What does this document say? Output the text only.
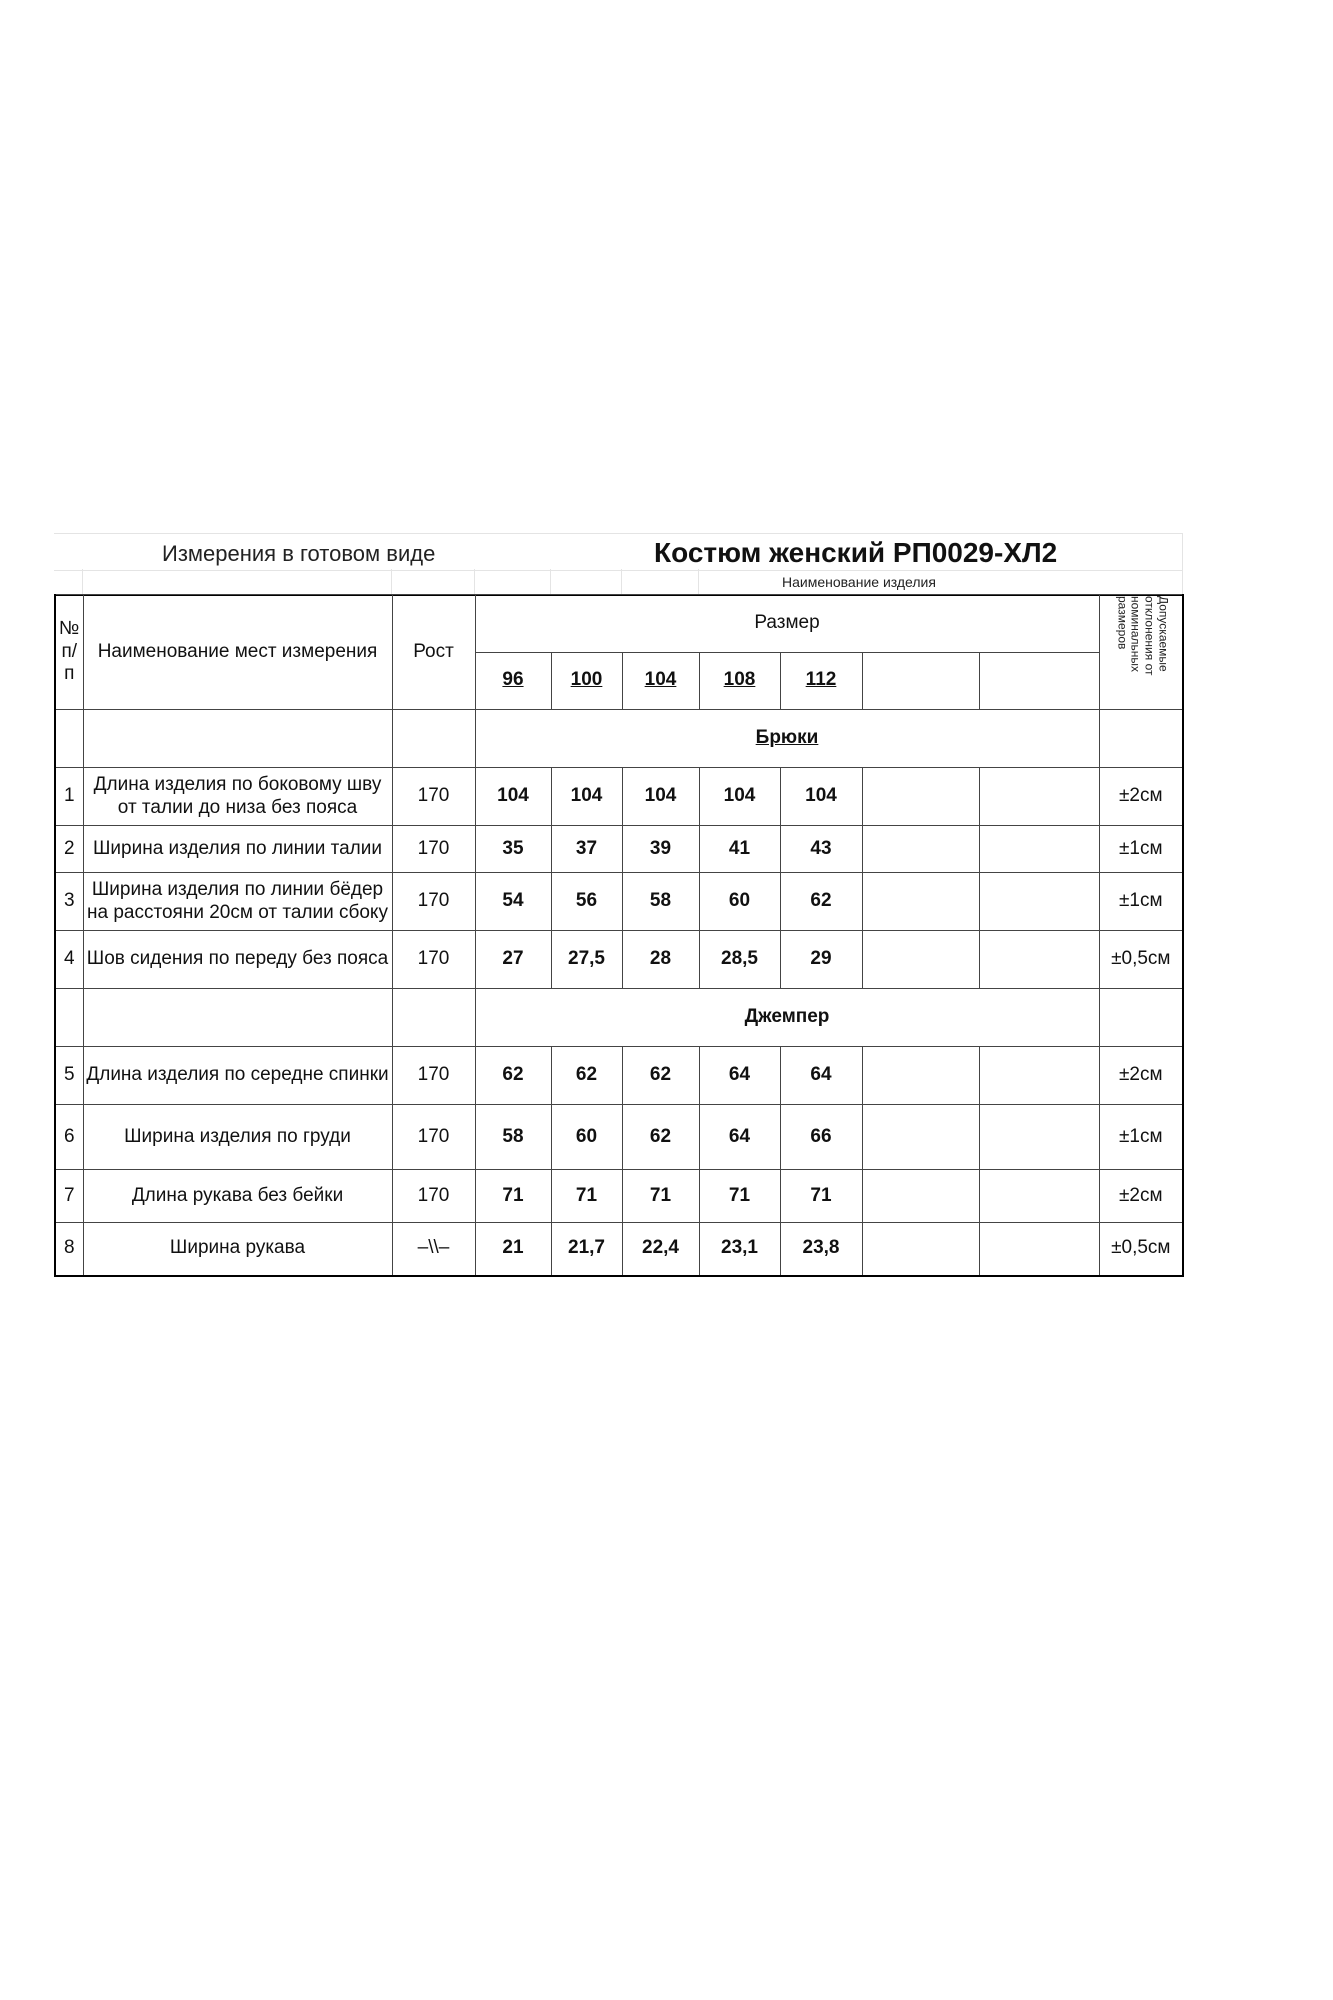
Измерения в готовом виде	Костюм женский РП0029-ХЛ2
Наименование изделия
№ п/ п	Наименование мест измерения	Рост	Размер							Допускаемые отклонения от номинальных размеров

			96	100	104	108	112			
			Брюки							
1	Длина изделия по боковому шву от талии до низа без пояса	170	104	104	104	104	104			±2см
2	Ширина изделия по линии талии	170	35	37	39	41	43			±1см
3	Ширина изделия по линии бёдер на расстояни 20см от талии сбоку	170	54	56	58	60	62			±1см
4	Шов сидения по переду без пояса	170	27	27,5	28	28,5	29			±0,5см
			Джемпер							
5	Длина изделия по середне спинки	170	62	62	62	64	64			±2см
6	Ширина изделия по груди	170	58	60	62	64	66			±1см
7	Длина рукава без бейки	170	71	71	71	71	71			±2см
8	Ширина рукава	–\\–	21	21,7	22,4	23,1	23,8			±0,5см
